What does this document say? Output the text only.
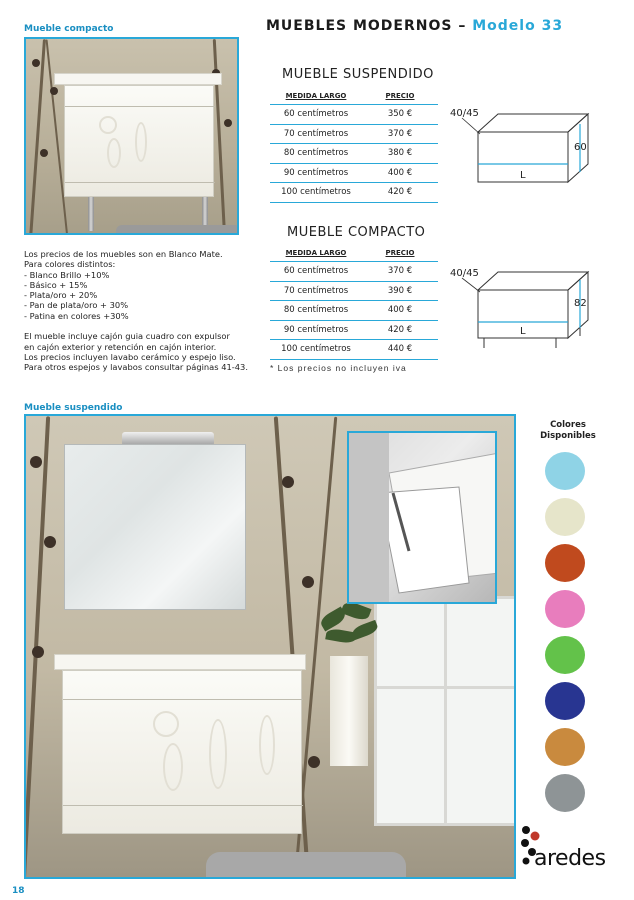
Mueble compacto	MUEBLES MODERNOS – Modelo 33
MUEBLE SUSPENDIDO
MEDIDA LARGO	PRECIO
60 centímetros	350 €
70 centímetros	370 €
80 centímetros	380 €
90 centímetros	400 €
100 centímetros	420 €
40/45
60
L
MUEBLE COMPACTO
MEDIDA LARGO	PRECIO
60 centímetros	370 €
70 centímetros	390 €
80 centímetros	400 €
90 centímetros	420 €
100 centímetros	440 €
40/45
82
L
* Los precios no incluyen iva
Los precios de los muebles son en Blanco Mate.
Para colores distintos:
- Blanco Brillo +10%
- Básico + 15%
- Plata/oro + 20%
- Pan de plata/oro + 30%
- Patina en colores +30%
El mueble incluye cajón guia cuadro con expulsor
en cajón exterior y retención en cajón interior.
Los precios incluyen lavabo cerámico y espejo liso.
Para otros espejos y lavabos consultar páginas 41-43.
Mueble suspendido
Colores
Disponibles
aredes
18
